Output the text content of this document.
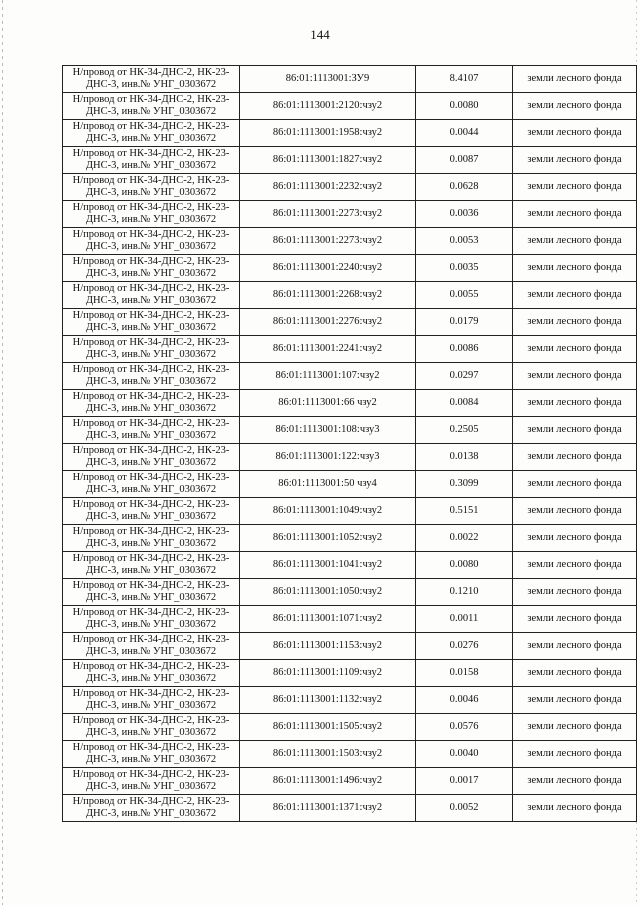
144
Н/провод от НК-34-ДНС-2, НК-23-
ДНС-3, инв.№ УНГ_0303672	86:01:1113001:ЗУ9	8.4107	земли лесного фонда

Н/провод от НК-34-ДНС-2, НК-23-
ДНС-3, инв.№ УНГ_0303672	86:01:1113001:2120:чзу2	0.0080	земли лесного фонда

Н/провод от НК-34-ДНС-2, НК-23-
ДНС-3, инв.№ УНГ_0303672	86:01:1113001:1958:чзу2	0.0044	земли лесного фонда

Н/провод от НК-34-ДНС-2, НК-23-
ДНС-3, инв.№ УНГ_0303672	86:01:1113001:1827:чзу2	0.0087	земли лесного фонда

Н/провод от НК-34-ДНС-2, НК-23-
ДНС-3, инв.№ УНГ_0303672	86:01:1113001:2232:чзу2	0.0628	земли лесного фонда

Н/провод от НК-34-ДНС-2, НК-23-
ДНС-3, инв.№ УНГ_0303672	86:01:1113001:2273:чзу2	0.0036	земли лесного фонда

Н/провод от НК-34-ДНС-2, НК-23-
ДНС-3, инв.№ УНГ_0303672	86:01:1113001:2273:чзу2	0.0053	земли лесного фонда

Н/провод от НК-34-ДНС-2, НК-23-
ДНС-3, инв.№ УНГ_0303672	86:01:1113001:2240:чзу2	0.0035	земли лесного фонда

Н/провод от НК-34-ДНС-2, НК-23-
ДНС-3, инв.№ УНГ_0303672	86:01:1113001:2268:чзу2	0.0055	земли лесного фонда

Н/провод от НК-34-ДНС-2, НК-23-
ДНС-3, инв.№ УНГ_0303672	86:01:1113001:2276:чзу2	0.0179	земли лесного фонда

Н/провод от НК-34-ДНС-2, НК-23-
ДНС-3, инв.№ УНГ_0303672	86:01:1113001:2241:чзу2	0.0086	земли лесного фонда

Н/провод от НК-34-ДНС-2, НК-23-
ДНС-3, инв.№ УНГ_0303672	86:01:1113001:107:чзу2	0.0297	земли лесного фонда

Н/провод от НК-34-ДНС-2, НК-23-
ДНС-3, инв.№ УНГ_0303672	86:01:1113001:66 чзу2	0.0084	земли лесного фонда

Н/провод от НК-34-ДНС-2, НК-23-
ДНС-3, инв.№ УНГ_0303672	86:01:1113001:108:чзу3	0.2505	земли лесного фонда

Н/провод от НК-34-ДНС-2, НК-23-
ДНС-3, инв.№ УНГ_0303672	86:01:1113001:122:чзу3	0.0138	земли лесного фонда

Н/провод от НК-34-ДНС-2, НК-23-
ДНС-3, инв.№ УНГ_0303672	86:01:1113001:50 чзу4	0.3099	земли лесного фонда

Н/провод от НК-34-ДНС-2, НК-23-
ДНС-3, инв.№ УНГ_0303672	86:01:1113001:1049:чзу2	0.5151	земли лесного фонда

Н/провод от НК-34-ДНС-2, НК-23-
ДНС-3, инв.№ УНГ_0303672	86:01:1113001:1052:чзу2	0.0022	земли лесного фонда

Н/провод от НК-34-ДНС-2, НК-23-
ДНС-3, инв.№ УНГ_0303672	86:01:1113001:1041:чзу2	0.0080	земли лесного фонда

Н/провод от НК-34-ДНС-2, НК-23-
ДНС-3, инв.№ УНГ_0303672	86:01:1113001:1050:чзу2	0.1210	земли лесного фонда

Н/провод от НК-34-ДНС-2, НК-23-
ДНС-3, инв.№ УНГ_0303672	86:01:1113001:1071:чзу2	0.0011	земли лесного фонда

Н/провод от НК-34-ДНС-2, НК-23-
ДНС-3, инв.№ УНГ_0303672	86:01:1113001:1153:чзу2	0.0276	земли лесного фонда

Н/провод от НК-34-ДНС-2, НК-23-
ДНС-3, инв.№ УНГ_0303672	86:01:1113001:1109:чзу2	0.0158	земли лесного фонда

Н/провод от НК-34-ДНС-2, НК-23-
ДНС-3, инв.№ УНГ_0303672	86:01:1113001:1132:чзу2	0.0046	земли лесного фонда

Н/провод от НК-34-ДНС-2, НК-23-
ДНС-3, инв.№ УНГ_0303672	86:01:1113001:1505:чзу2	0.0576	земли лесного фонда

Н/провод от НК-34-ДНС-2, НК-23-
ДНС-3, инв.№ УНГ_0303672	86:01:1113001:1503:чзу2	0.0040	земли лесного фонда

Н/провод от НК-34-ДНС-2, НК-23-
ДНС-3, инв.№ УНГ_0303672	86:01:1113001:1496:чзу2	0.0017	земли лесного фонда

Н/провод от НК-34-ДНС-2, НК-23-
ДНС-3, инв.№ УНГ_0303672	86:01:1113001:1371:чзу2	0.0052	земли лесного фонда
